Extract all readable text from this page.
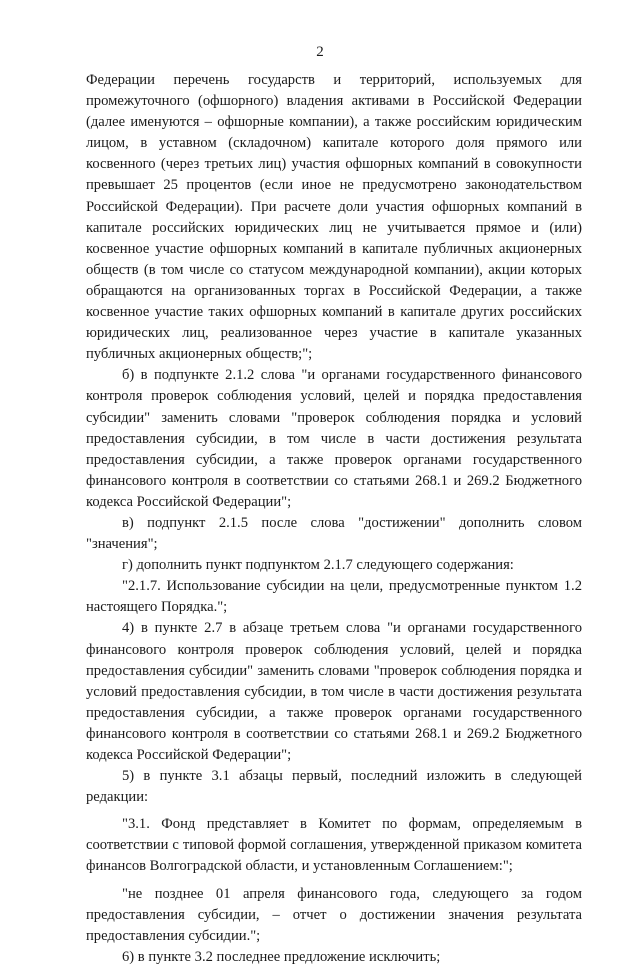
2

Федерации перечень государств и территорий, используемых для промежуточного (офшорного) владения активами в Российской Федерации (далее именуются – офшорные компании), а также российским юридическим лицом, в уставном (складочном) капитале которого доля прямого или косвенного (через третьих лиц) участия офшорных компаний в совокупности превышает 25 процентов (если иное не предусмотрено законодательством Российской Федерации). При расчете доли участия офшорных компаний в капитале российских юридических лиц не учитывается прямое и (или) косвенное участие офшорных компаний в капитале публичных акционерных обществ (в том числе со статусом международной компании), акции которых обращаются на организованных торгах в Российской Федерации, а также косвенное участие таких офшорных компаний в капитале других российских юридических лиц, реализованное через участие в капитале указанных публичных акционерных обществ;";

б) в подпункте 2.1.2 слова "и органами государственного финансового контроля проверок соблюдения условий, целей и порядка предоставления субсидии" заменить словами "проверок соблюдения порядка и условий предоставления субсидии, в том числе в части достижения результата предоставления субсидии, а также проверок органами государственного финансового контроля в соответствии со статьями 268.1 и 269.2 Бюджетного кодекса Российской Федерации";

в) подпункт 2.1.5 после слова "достижении" дополнить словом "значения";

г) дополнить пункт подпунктом 2.1.7 следующего содержания:

"2.1.7. Использование субсидии на цели, предусмотренные пунктом 1.2 настоящего Порядка.";

4) в пункте 2.7 в абзаце третьем слова "и органами государственного финансового контроля проверок соблюдения условий, целей и порядка предоставления субсидии" заменить словами "проверок соблюдения порядка и условий предоставления субсидии, в том числе в части достижения результата предоставления субсидии, а также проверок органами государственного финансового контроля в соответствии со статьями 268.1 и 269.2 Бюджетного кодекса Российской Федерации";

5) в пункте 3.1 абзацы первый, последний изложить в следующей редакции:

"3.1. Фонд представляет в Комитет по формам, определяемым в соответствии с типовой формой соглашения, утвержденной приказом комитета финансов Волгоградской области, и установленным Соглашением:";

"не позднее 01 апреля финансового года, следующего за годом предоставления субсидии, – отчет о достижении значения результата предоставления субсидии.";

6) в пункте 3.2 последнее предложение исключить;
